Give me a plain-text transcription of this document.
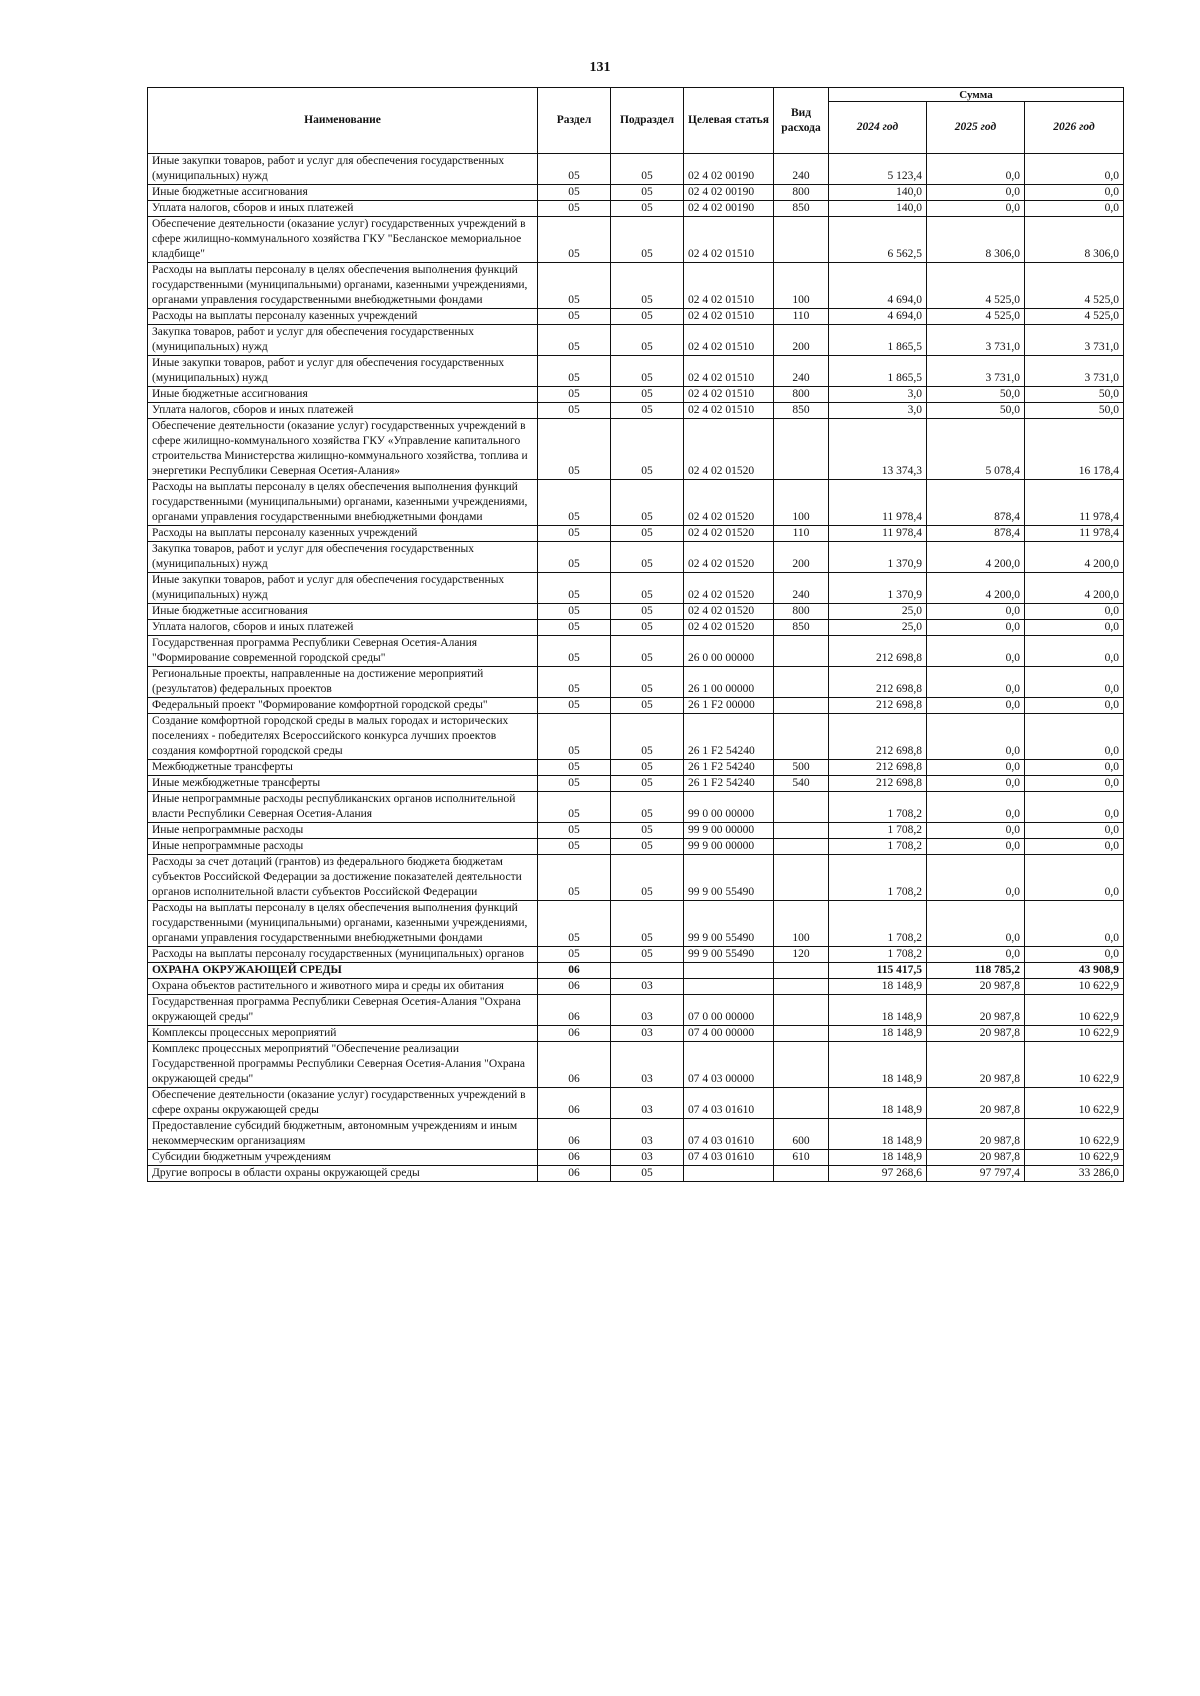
131
Наименование	Раздел	Подраздел	Целевая статья	Вид расхода	Сумма		
					2024 год	2025 год	2026 год
Иные закупки товаров, работ и услуг для обеспечения государственных (муниципальных) нужд	05	05	02 4 02 00190	240	5 123,4	0,0	0,0
Иные бюджетные ассигнования	05	05	02 4 02 00190	800	140,0	0,0	0,0
Уплата налогов, сборов и иных платежей	05	05	02 4 02 00190	850	140,0	0,0	0,0
Обеспечение деятельности (оказание услуг) государственных учреждений в сфере жилищно-коммунального хозяйства ГКУ "Бесланское мемориальное кладбище"	05	05	02 4 02 01510		6 562,5	8 306,0	8 306,0
Расходы на выплаты персоналу в целях обеспечения выполнения функций государственными (муниципальными) органами, казенными учреждениями, органами управления государственными внебюджетными фондами	05	05	02 4 02 01510	100	4 694,0	4 525,0	4 525,0
Расходы на выплаты персоналу казенных учреждений	05	05	02 4 02 01510	110	4 694,0	4 525,0	4 525,0
Закупка товаров, работ и услуг для обеспечения государственных (муниципальных) нужд	05	05	02 4 02 01510	200	1 865,5	3 731,0	3 731,0
Иные закупки товаров, работ и услуг для обеспечения государственных (муниципальных) нужд	05	05	02 4 02 01510	240	1 865,5	3 731,0	3 731,0
Иные бюджетные ассигнования	05	05	02 4 02 01510	800	3,0	50,0	50,0
Уплата налогов, сборов и иных платежей	05	05	02 4 02 01510	850	3,0	50,0	50,0
Обеспечение деятельности (оказание услуг) государственных учреждений в сфере жилищно-коммунального хозяйства ГКУ «Управление капитального строительства Министерства жилищно-коммунального хозяйства, топлива и энергетики Республики Северная Осетия-Алания»	05	05	02 4 02 01520		13 374,3	5 078,4	16 178,4
Расходы на выплаты персоналу в целях обеспечения выполнения функций государственными (муниципальными) органами, казенными учреждениями, органами управления государственными внебюджетными фондами	05	05	02 4 02 01520	100	11 978,4	878,4	11 978,4
Расходы на выплаты персоналу казенных учреждений	05	05	02 4 02 01520	110	11 978,4	878,4	11 978,4
Закупка товаров, работ и услуг для обеспечения государственных (муниципальных) нужд	05	05	02 4 02 01520	200	1 370,9	4 200,0	4 200,0
Иные закупки товаров, работ и услуг для обеспечения государственных (муниципальных) нужд	05	05	02 4 02 01520	240	1 370,9	4 200,0	4 200,0
Иные бюджетные ассигнования	05	05	02 4 02 01520	800	25,0	0,0	0,0
Уплата налогов, сборов и иных платежей	05	05	02 4 02 01520	850	25,0	0,0	0,0
Государственная программа Республики Северная Осетия-Алания "Формирование современной городской среды"	05	05	26 0 00 00000		212 698,8	0,0	0,0
Региональные проекты, направленные на достижение мероприятий (результатов) федеральных проектов	05	05	26 1 00 00000		212 698,8	0,0	0,0
Федеральный проект "Формирование комфортной городской среды"	05	05	26 1 F2 00000		212 698,8	0,0	0,0
Создание комфортной городской среды в малых городах и исторических поселениях - победителях Всероссийского конкурса лучших проектов создания комфортной городской среды	05	05	26 1 F2 54240		212 698,8	0,0	0,0
Межбюджетные трансферты	05	05	26 1 F2 54240	500	212 698,8	0,0	0,0
Иные межбюджетные трансферты	05	05	26 1 F2 54240	540	212 698,8	0,0	0,0
Иные непрограммные расходы республиканских органов исполнительной власти Республики Северная Осетия-Алания	05	05	99 0 00 00000		1 708,2	0,0	0,0
Иные непрограммные расходы	05	05	99 9 00 00000		1 708,2	0,0	0,0
Иные непрограммные расходы	05	05	99 9 00 00000		1 708,2	0,0	0,0
Расходы за счет дотаций (грантов) из федерального бюджета бюджетам субъектов Российской Федерации за достижение показателей деятельности органов исполнительной власти субъектов Российской Федерации	05	05	99 9 00 55490		1 708,2	0,0	0,0
Расходы на выплаты персоналу в целях обеспечения выполнения функций государственными (муниципальными) органами, казенными учреждениями, органами управления государственными внебюджетными фондами	05	05	99 9 00 55490	100	1 708,2	0,0	0,0
Расходы на выплаты персоналу государственных (муниципальных) органов	05	05	99 9 00 55490	120	1 708,2	0,0	0,0
ОХРАНА ОКРУЖАЮЩЕЙ СРЕДЫ	06				115 417,5	118 785,2	43 908,9
Охрана объектов растительного и животного мира и среды их обитания	06	03			18 148,9	20 987,8	10 622,9
Государственная программа Республики Северная Осетия-Алания "Охрана окружающей среды"	06	03	07 0 00 00000		18 148,9	20 987,8	10 622,9
Комплексы процессных мероприятий	06	03	07 4 00 00000		18 148,9	20 987,8	10 622,9
Комплекс процессных мероприятий "Обеспечение реализации Государственной программы Республики Северная Осетия-Алания "Охрана окружающей среды"	06	03	07 4 03 00000		18 148,9	20 987,8	10 622,9
Обеспечение деятельности (оказание услуг) государственных учреждений в сфере охраны окружающей среды	06	03	07 4 03 01610		18 148,9	20 987,8	10 622,9
Предоставление субсидий бюджетным, автономным учреждениям и иным некоммерческим организациям	06	03	07 4 03 01610	600	18 148,9	20 987,8	10 622,9
Субсидии бюджетным учреждениям	06	03	07 4 03 01610	610	18 148,9	20 987,8	10 622,9
Другие вопросы в области охраны окружающей среды	06	05			97 268,6	97 797,4	33 286,0
